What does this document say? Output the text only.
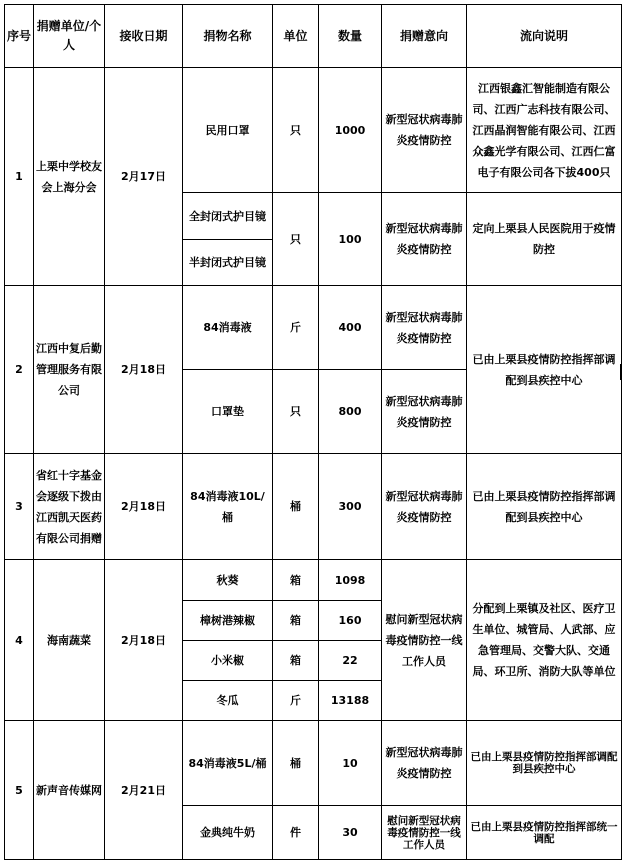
序号	捐赠单位/个人	接收日期	捐物名称	单位	数量	捐赠意向	流向说明
1	上栗中学校友会上海分会	2月17日	民用口罩	只	1000	新型冠状病毒肺炎疫情防控	江西银鑫汇智能制造有限公司、江西广志科技有限公司、江西晶润智能有限公司、江西众鑫光学有限公司、江西仁富电子有限公司各下拔400只
			全封闭式护目镜	只	100	新型冠状病毒肺炎疫情防控	定向上栗县人民医院用于疫情防控
			半封闭式护目镜				
2	江西中复后勤管理服务有限公司	2月18日	84消毒液	斤	400	新型冠状病毒肺炎疫情防控	已由上栗县疫情防控指挥部调配到县疾控中心
			口罩垫	只	800	新型冠状病毒肺炎疫情防控	
3	省红十字基金会逐级下拨由江西凯天医药有限公司捐赠	2月18日	84消毒液10L/桶	桶	300	新型冠状病毒肺炎疫情防控	已由上栗县疫情防控指挥部调配到县疾控中心
4	海南蔬菜	2月18日	秋葵	箱	1098	慰问新型冠状病毒疫情防控一线工作人员	分配到上栗镇及社区、医疗卫生单位、城管局、人武部、应急管理局、交警大队、交通局、环卫所、消防大队等单位
			樟树港辣椒	箱	160		
			小米椒	箱	22		
			冬瓜	斤	13188		
5	新声音传媒网	2月21日	84消毒液5L/桶	桶	10	新型冠状病毒肺炎疫情防控	已由上栗县疫情防控指挥部调配到县疾控中心
			金典纯牛奶	件	30	慰问新型冠状病毒疫情防控一线工作人员	已由上栗县疫情防控指挥部统一调配
